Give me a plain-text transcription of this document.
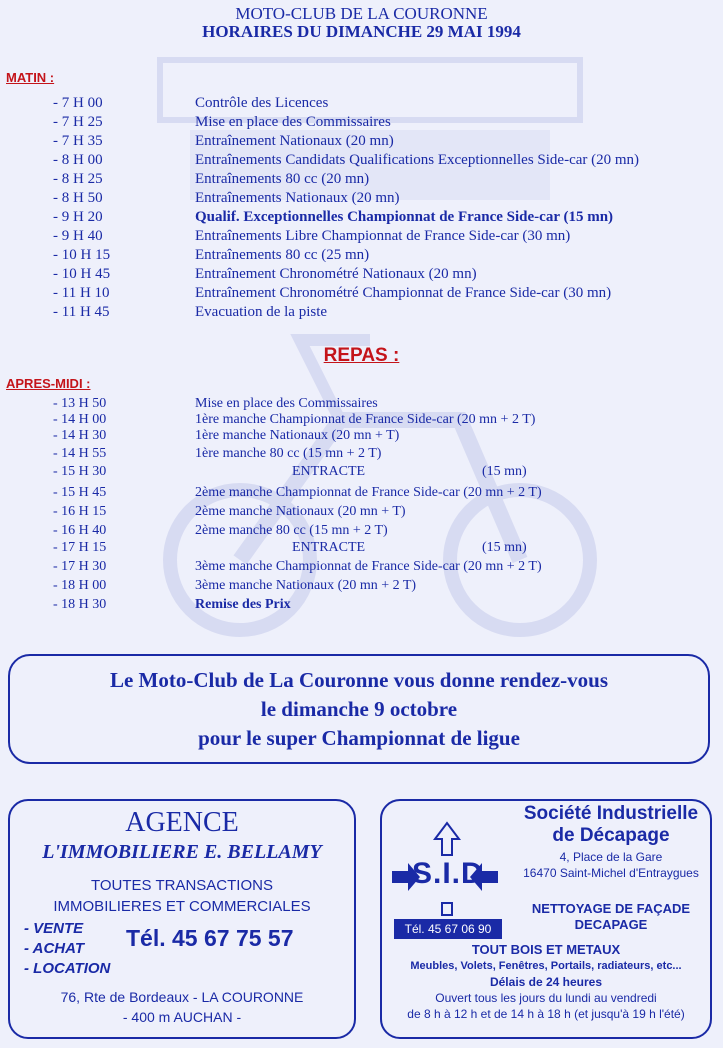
MOTO-CLUB DE LA COURONNE
HORAIRES DU DIMANCHE 29 MAI 1994
MATIN :
- 7 H 00	Contrôle des Licences
- 7 H 25	Mise en place des Commissaires
- 7 H 35	Entraînement Nationaux (20 mn)
- 8 H 00	Entraînements Candidats Qualifications Exceptionnelles Side-car (20 mn)
- 8 H 25	Entraînements 80 cc (20 mn)
- 8 H 50	Entraînements Nationaux (20 mn)
- 9 H 20	Qualif. Exceptionnelles Championnat de France Side-car (15 mn)
- 9 H 40	Entraînements Libre Championnat de France Side-car (30 mn)
- 10 H 15	Entraînements 80 cc (25 mn)
- 10 H 45	Entraînement Chronométré Nationaux (20 mn)
- 11 H 10	Entraînement Chronométré Championnat de France Side-car (30 mn)
- 11 H 45	Evacuation de la piste
REPAS :
APRES-MIDI :
- 13 H 50	Mise en place des Commissaires
- 14 H 00	1ère manche Championnat de France Side-car (20 mn + 2 T)
- 14 H 30	1ère manche Nationaux (20 mn + T)
- 14 H 55	1ère manche 80 cc (15 mn + 2 T)
- 15 H 30	ENTRACTE	(15 mn)
- 15 H 45	2ème manche Championnat de France Side-car (20 mn + 2 T)
- 16 H 15	2ème manche Nationaux (20 mn + T)
- 16 H 40	2ème manche 80 cc (15 mn + 2 T)
- 17 H 15	ENTRACTE	(15 mn)
- 17 H 30	3ème manche Championnat de France Side-car (20 mn + 2 T)
- 18 H 00	3ème manche Nationaux (20 mn + 2 T)
- 18 H 30	Remise des Prix
Le Moto-Club de La Couronne vous donne rendez-vous
le dimanche 9 octobre
pour le super Championnat de ligue
AGENCE
L'IMMOBILIERE E. BELLAMY
TOUTES TRANSACTIONS
IMMOBILIERES ET COMMERCIALES
- VENTE
- ACHAT
- LOCATION
Tél. 45 67 75 57
76, Rte de Bordeaux - LA COURONNE
- 400 m AUCHAN -
S.I.D
Tél. 45 67 06 90
Société Industrielle
de Décapage
4, Place de la Gare
16470 Saint-Michel d'Entraygues
NETTOYAGE DE FAÇADE
DECAPAGE
TOUT BOIS ET METAUX
Meubles, Volets, Fenêtres, Portails, radiateurs, etc...
Délais de 24 heures
Ouvert tous les jours du lundi au vendredi
de 8 h à 12 h et de 14 h à 18 h (et jusqu'à 19 h l'été)
